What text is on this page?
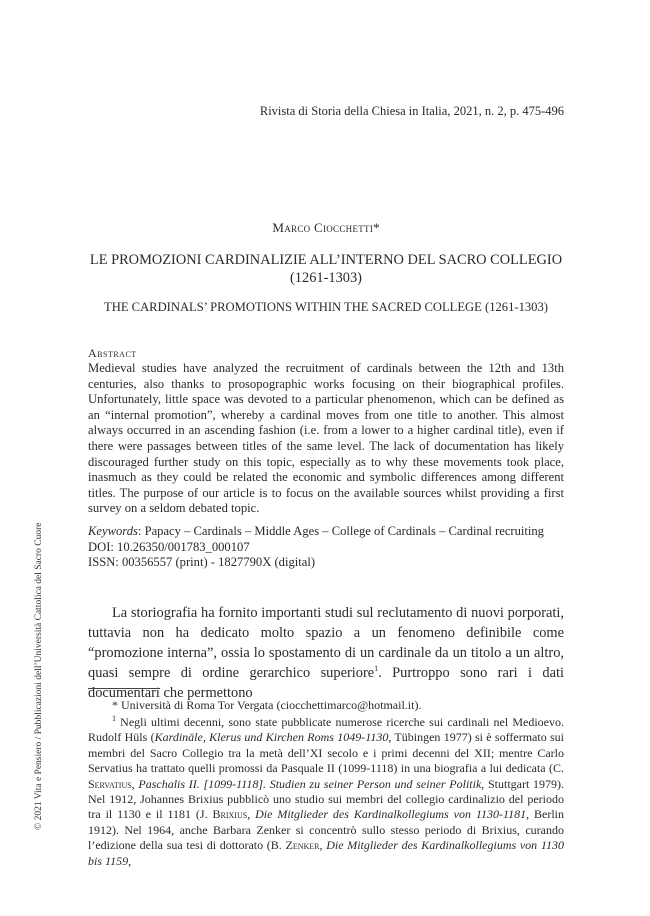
Rivista di Storia della Chiesa in Italia, 2021, n. 2, p. 475-496
Marco Ciocchetti*
LE PROMOZIONI CARDINALIZIE ALL’INTERNO DEL SACRO COLLEGIO
(1261-1303)
THE CARDINALS’ PROMOTIONS WITHIN THE SACRED COLLEGE (1261-1303)
Abstract
Medieval studies have analyzed the recruitment of cardinals between the 12th and 13th centuries, also thanks to prosopographic works focusing on their biographical profiles. Unfortunately, little space was devoted to a particular phenomenon, which can be defined as an “internal promotion”, whereby a cardinal moves from one title to another. This almost always occurred in an ascending fashion (i.e. from a lower to a higher cardinal title), even if there were passages between titles of the same level. The lack of documentation has likely discouraged further study on this topic, especially as to why these movements took place, inasmuch as they could be related the economic and symbolic differences among different titles. The purpose of our article is to focus on the available sources whilst providing a first survey on a seldom debated topic.
Keywords: Papacy – Cardinals – Middle Ages – College of Cardinals – Cardinal recruiting
DOI: 10.26350/001783_000107
ISSN: 00356557 (print) - 1827790X (digital)
La storiografia ha fornito importanti studi sul reclutamento di nuovi porporati, tuttavia non ha dedicato molto spazio a un fenomeno definibile come “promozione interna”, ossia lo spostamento di un cardinale da un titolo a un altro, quasi sempre di ordine gerarchico superiore$^1$. Purtroppo sono rari i dati documentari che permettono
* Università di Roma Tor Vergata (ciocchettimarco@hotmail.it).
$^1$ Negli ultimi decenni, sono state pubblicate numerose ricerche sui cardinali nel Medioevo. Rudolf Hüls (Kardinäle, Klerus und Kirchen Roms 1049-1130, Tübingen 1977) si è soffermato sui membri del Sacro Collegio tra la metà dell’XI secolo e i primi decenni del XII; mentre Carlo Servatius ha trattato quelli promossi da Pasquale II (1099-1118) in una biografia a lui dedicata (C. Servatius, Paschalis II. [1099-1118]. Studien zu seiner Person und seiner Politik, Stuttgart 1979). Nel 1912, Johannes Brixius pubblicò uno studio sui membri del collegio cardinalizio del periodo tra il 1130 e il 1181 (J. Brixius, Die Mitglieder des Kardinalkollegiums von 1130-1181, Berlin 1912). Nel 1964, anche Barbara Zenker si concentrò sullo stesso periodo di Brixius, curando l’edizione della sua tesi di dottorato (B. Zenker, Die Mitglieder des Kardinalkollegiums von 1130 bis 1159,
© 2021 Vita e Pensiero / Pubblicazioni dell’Università Cattolica del Sacro Cuore
